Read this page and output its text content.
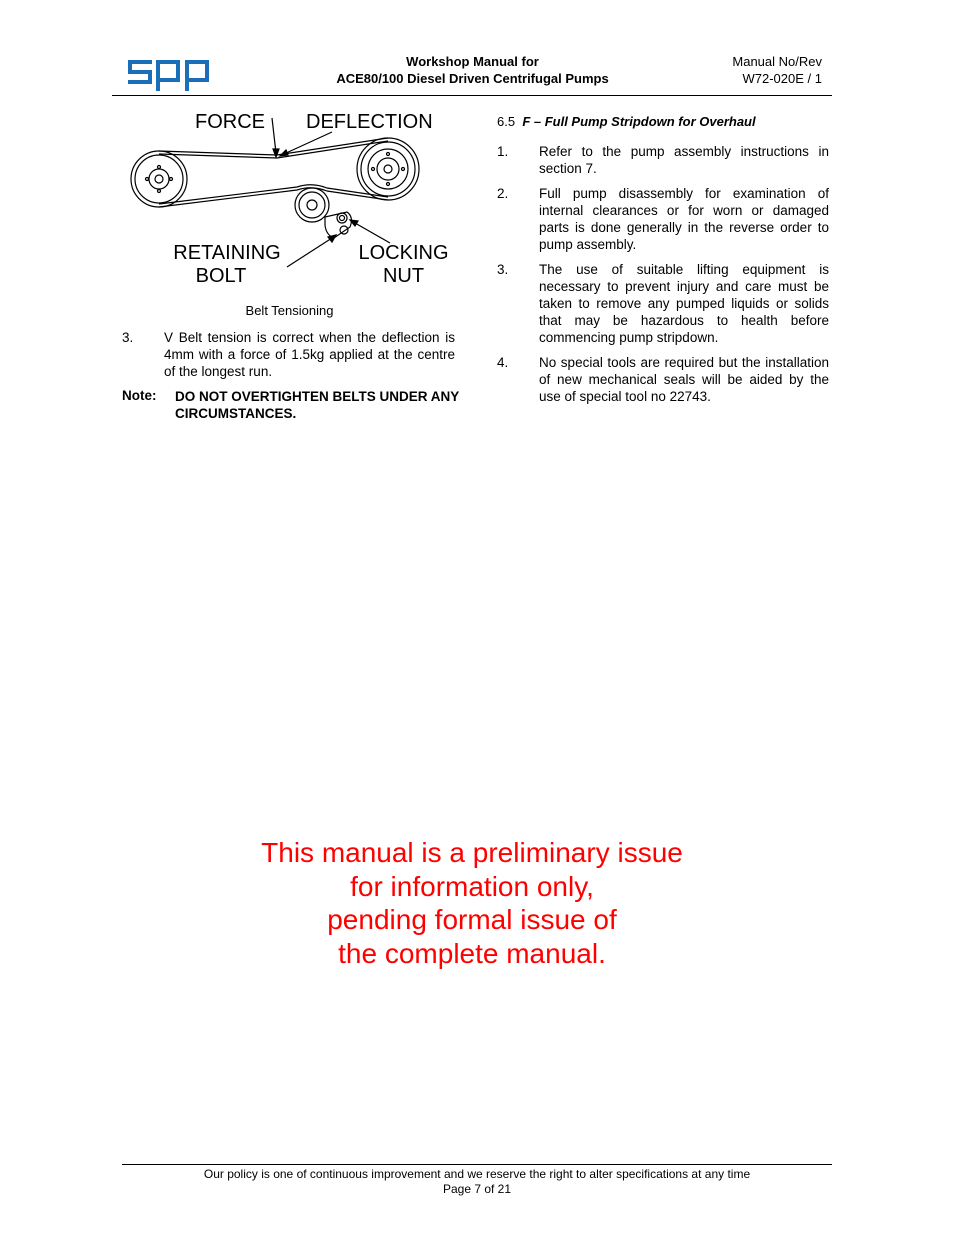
Workshop Manual for
ACE80/100 Diesel Driven Centrifugal Pumps
Manual No/Rev
W72-020E / 1
FORCE DEFLECTION
RETAINING
BOLT
LOCKING
NUT
Belt Tensioning
3.	V Belt tension is correct when the deflection is 4mm with a force of 1.5kg applied at the centre of the longest run.
Note: DO NOT OVERTIGHTEN BELTS UNDER ANY CIRCUMSTANCES.
6.5 F – Full Pump Stripdown for Overhaul
1.	Refer to the pump assembly instructions in section 7.
2.	Full pump disassembly for examination of internal clearances or for worn or damaged parts is done generally in the reverse order to pump assembly.
3.	The use of suitable lifting equipment is necessary to prevent injury and care must be taken to remove any pumped liquids or solids that may be hazardous to health before commencing pump stripdown.
4.	No special tools are required but the installation of new mechanical seals will be aided by the use of special tool no 22743.
This manual is a preliminary issue
for information only,
pending formal issue of
the complete manual.
Our policy is one of continuous improvement and we reserve the right to alter specifications at any time
Page 7 of 21
